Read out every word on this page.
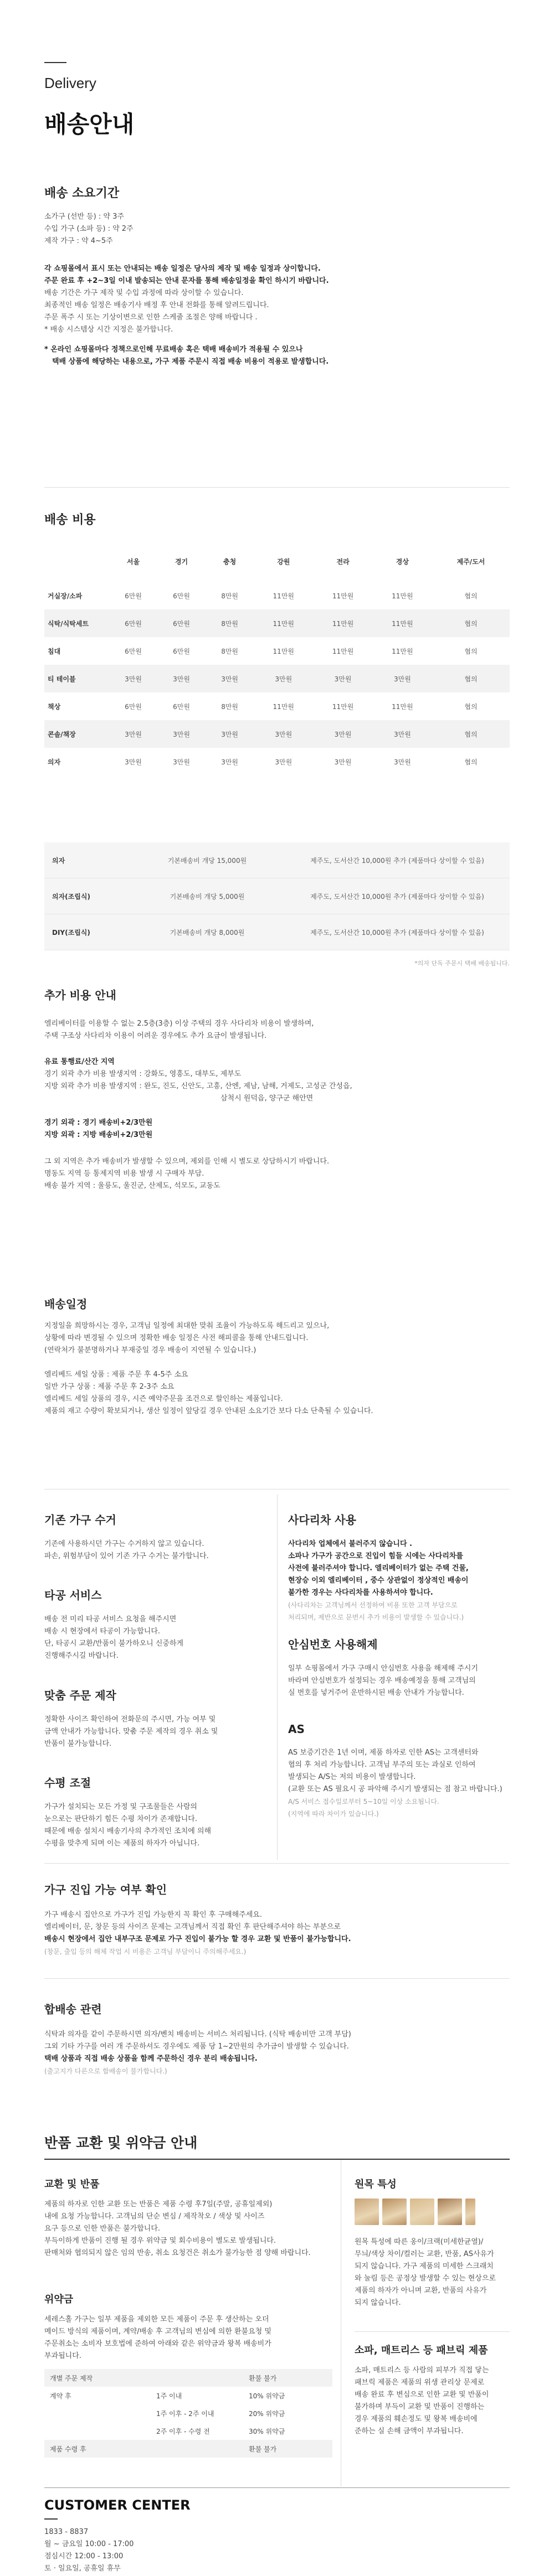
Delivery
배송안내
배송 소요기간
소가구 (선반 등) : 약 3주
수입 가구 (소파 등) : 약 2주
제작 가구 : 약 4~5주
각 쇼핑몰에서 표시 또는 안내되는 배송 일정은 당사의 제작 및 배송 일정과 상이합니다.
주문 완료 후 +2~3일 이내 발송되는 안내 문자를 통해 배송일정을 확인 하시기 바랍니다.
배송 기간은 가구 제작 및 수입 과정에 따라 상이할 수 있습니다.
최종적인 배송 일정은 배송기사 배정 후 안내 전화를 통해 알려드립니다.
주문 폭주 시 또는 기상이변으로 인한 스케줄 조절은 양해 바랍니다 .
* 배송 시스템상 시간 지정은 불가합니다.
* 온라인 쇼핑몰마다 정책으로인해 무료배송 혹은 택배 배송비가 적용될 수 있으나
택배 상품에 해당하는 내용으로, 가구 제품 주문시 직접 배송 비용이 적용로 발생합니다.
배송 비용
	서울	경기	충청	강원	전라	경상	제주/도서
거실장/소파	6만원	6만원	8만원	11만원	11만원	11만원	협의
식탁/식탁세트	6만원	6만원	8만원	11만원	11만원	11만원	협의
침대	6만원	6만원	8만원	11만원	11만원	11만원	협의
티 테이블	3만원	3만원	3만원	3만원	3만원	3만원	협의
책상	6만원	6만원	8만원	11만원	11만원	11만원	협의
콘솔/책장	3만원	3만원	3만원	3만원	3만원	3만원	협의
의자	3만원	3만원	3만원	3만원	3만원	3만원	협의
의자	기본배송비 개당 15,000원	제주도, 도서산간 10,000원 추가 (제품마다 상이할 수 있음)
의자(조립식)	기본배송비 개당 5,000원	제주도, 도서산간 10,000원 추가 (제품마다 상이할 수 있음)
DIY(조립식)	기본배송비 개당 8,000원	제주도, 도서산간 10,000원 추가 (제품마다 상이할 수 있음)
*의자 단독 주문시 택배 배송됩니다.
추가 비용 안내
엘리베이터를 이용할 수 없는 2.5층(3층) 이상 주택의 경우 사다리차 비용이 발생하며,
주택 구조상 사다리차 이용이 어려운 경우에도 추가 요금이 발생됩니다.
유료 통행료/산간 지역
경기 외곽 추가 비용 발생지역 : 강화도, 영흥도, 대부도, 제부도
지방 외곽 추가 비용 발생지역 : 완도, 진도, 신안도, 고흥, 산엔, 제남, 남해, 거제도, 고성군 간성읍,
삼척시 원덕읍, 양구군 해안면
경기 외곽 : 경기 배송비+2/3만원
지방 외곽 : 지방 배송비+2/3만원
그 외 지역은 추가 배송비가 발생할 수 있으며, 제외를 인해 시 별도로 상담하시기 바랍니다.
명동도 지역 등 통제지역 비용 발생 시 구매자 부담.
배송 불가 지역 : 울릉도, 울진군, 산제도, 석모도, 교동도
배송일정
지정일을 희망하시는 경우, 고객님 일정에 최대한 맞춰 조율이 가능하도록 해드리고 있으나,
상황에 따라 변경될 수 있으며 정확한 배송 일정은 사전 해피콜을 통해 안내드립니다.
(연락처가 불분명하거나 부재중일 경우 배송이 지연될 수 있습니다.)
엘리베드 세일 상품 : 제품 주문 후 4-5주 소요
일반 가구 상품 : 제품 주문 후 2-3주 소요
엘리베드 세일 상품의 경우, 시즌 예약주문을 조건으로 할인하는 제품입니다.
제품의 재고 수량이 확보되거나, 생산 일정이 앞당길 경우 안내된 소요기간 보다 다소 단축될 수 있습니다.
기존 가구 수거
기존에 사용하시던 가구는 수거하지 않고 있습니다.
파손, 위험부담이 있어 기존 가구 수거는 불가합니다.
타공 서비스
배송 전 미리 타공 서비스 요청을 해주시면
배송 시 현장에서 타공이 가능합니다.
단, 타공시 교환/반품이 불가하오니 신중하게
진행해주시길 바랍니다.
맞춤 주문 제작
정확한 사이즈 확인하여 전화문의 주시면, 가능 여부 및
금액 안내가 가능합니다. 맞춤 주문 제작의 경우 취소 및
반품이 불가능합니다.
수평 조절
가구가 설치되는 모든 가정 및 구조물들은 사람의
눈으로는 판단하기 힘든 수평 차이가 존재합니다.
때문에 배송 설치시 배송기사의 추가적인 조치에 의해
수평을 맞추게 되며 이는 제품의 하자가 아닙니다.
사다리차 사용
사다리차 업체에서 불러주지 않습니다 .
소파나 가구가 공간으로 진입이 힘들 시에는 사다리차를
사전에 불러주셔야 합니다. 엘리베이터가 없는 주택 건물,
현장승 이외 엘리베이터 , 중수 상관없이 정상적인 배송이
불가한 경우는 사다리차를 사용하셔야 합니다.
(사다리차는 고객님께서 선정하여 비용 또한 고객 부담으로
처리되며, 제반으로 문번시 추가 비용이 발생할 수 있습니다.)
안심번호 사용해제
일부 쇼핑몰에서 가구 구매시 안심번호 사용을 해제해 주시기
바라며 안심번호가 설정되는 경우 배송예정을 통해 고객님의
실 번호를 넣거주어 운반하시된 배송 안내가 가능합니다.
AS
AS 보증기간은 1년 이며, 제품 하자로 인한 AS는 고객센터와
협의 후 처리 가능합니다. 고객님 부주의 또는 과실로 인하여
발생되는 A/S는 저의 비용이 발생합니다.
(교환 또는 AS 필요시 공 파악해 주시기 발생되는 점 참고 바랍니다.)
A/S 서비스 접수일로부터 5~10일 이상 소요됩니다.
(지역에 따라 차이가 있습니다.)
가구 진입 가능 여부 확인
가구 배송시 집안으로 가구가 진입 가능한지 꼭 확인 후 구매해주세요.
엘리베이터, 문, 창문 등의 사이즈 문제는 고객님께서 직접 확인 후 판단해주셔야 하는 부분으로
배송시 현장에서 집안 내부구조 문제로 가구 진입이 불가능 할 경우 교환 및 반품이 불가능합니다.
(창문, 출입 등의 해체 작업 시 비용은 고객님 부담이니 주의해주세요.)
합배송 관련
식탁과 의자를 같이 주문하시면 의자/벤치 배송비는 서비스 처리됩니다. (식탁 배송비만 고객 부담)
그외 기타 가구를 여러 개 주문하셔도 경우에도 제품 당 1~2만원의 추가금이 발생할 수 있습니다.
택배 상품과 직접 배송 상품을 함께 주문하신 경우 분리 배송됩니다.
(출고지가 다른으로 합배송이 불가합니다.)
반품 교환 및 위약금 안내
교환 및 반품
제품의 하자로 인한 교환 또는 반품은 제품 수령 후7일(주말, 공휴일제외)
내에 요청 가능합니다. 고객님의 단순 변심 / 제작착오 / 색상 및 사이즈
요구 등으로 인한 반품은 불가합니다.
부득이하게 반품이 진행 될 경우 위약금 및 회수비용이 별도로 발생됩니다.
판매처와 협의되지 않은 임의 반송, 취소 요청건은 취소가 불가능한 점 양해 바랍니다.
위약금
세레스홀 가구는 일부 제품을 제외한 모든 제품이 주문 후 생산하는 오더
메이드 방식의 제품이며, 계약/배송 후 고객님의 변심에 의한 환불요청 및
주문취소는 소비자 보호법에 준하여 아래와 같은 위약금과 왕복 배송비가
부과됩니다.
개별 주문 제작		환불 불가
계약 후	1주 이내	10% 위약금
	1주 이후 - 2주 이내	20% 위약금
	2주 이후 - 수령 전	30% 위약금
제품 수령 후		환불 불가
원목 특성
원목 특성에 따른 옹이/크랙(미세한균열)/
무늬/색상 차이/컬러는 교환, 반품, AS사유가
되지 않습니다. 가구 제품의 미세한 스크래치
와 눌림 등은 공정상 발생할 수 있는 현상으로
제품의 하자가 아니며 교환, 반품의 사유가
되지 않습니다.
소파, 매트리스 등 패브릭 제품
소파, 매트리스 등 사람의 피부가 직접 닿는
패브릭 제품은 제품의 위생 관리상 문제로
배송 완료 후 변심으로 인한 교환 및 반품이
불가하며 부득이 교환 및 반품이 진행하는
경우 제품의 훼손정도 및 왕복 배송비에
준하는 실 손해 금액이 부과됩니다.
CUSTOMER CENTER
1833 - 8837
월 ~ 금요일 10:00 - 17:00
점심시간 12:00 - 13:00
토 · 일요일, 공휴일 휴무
